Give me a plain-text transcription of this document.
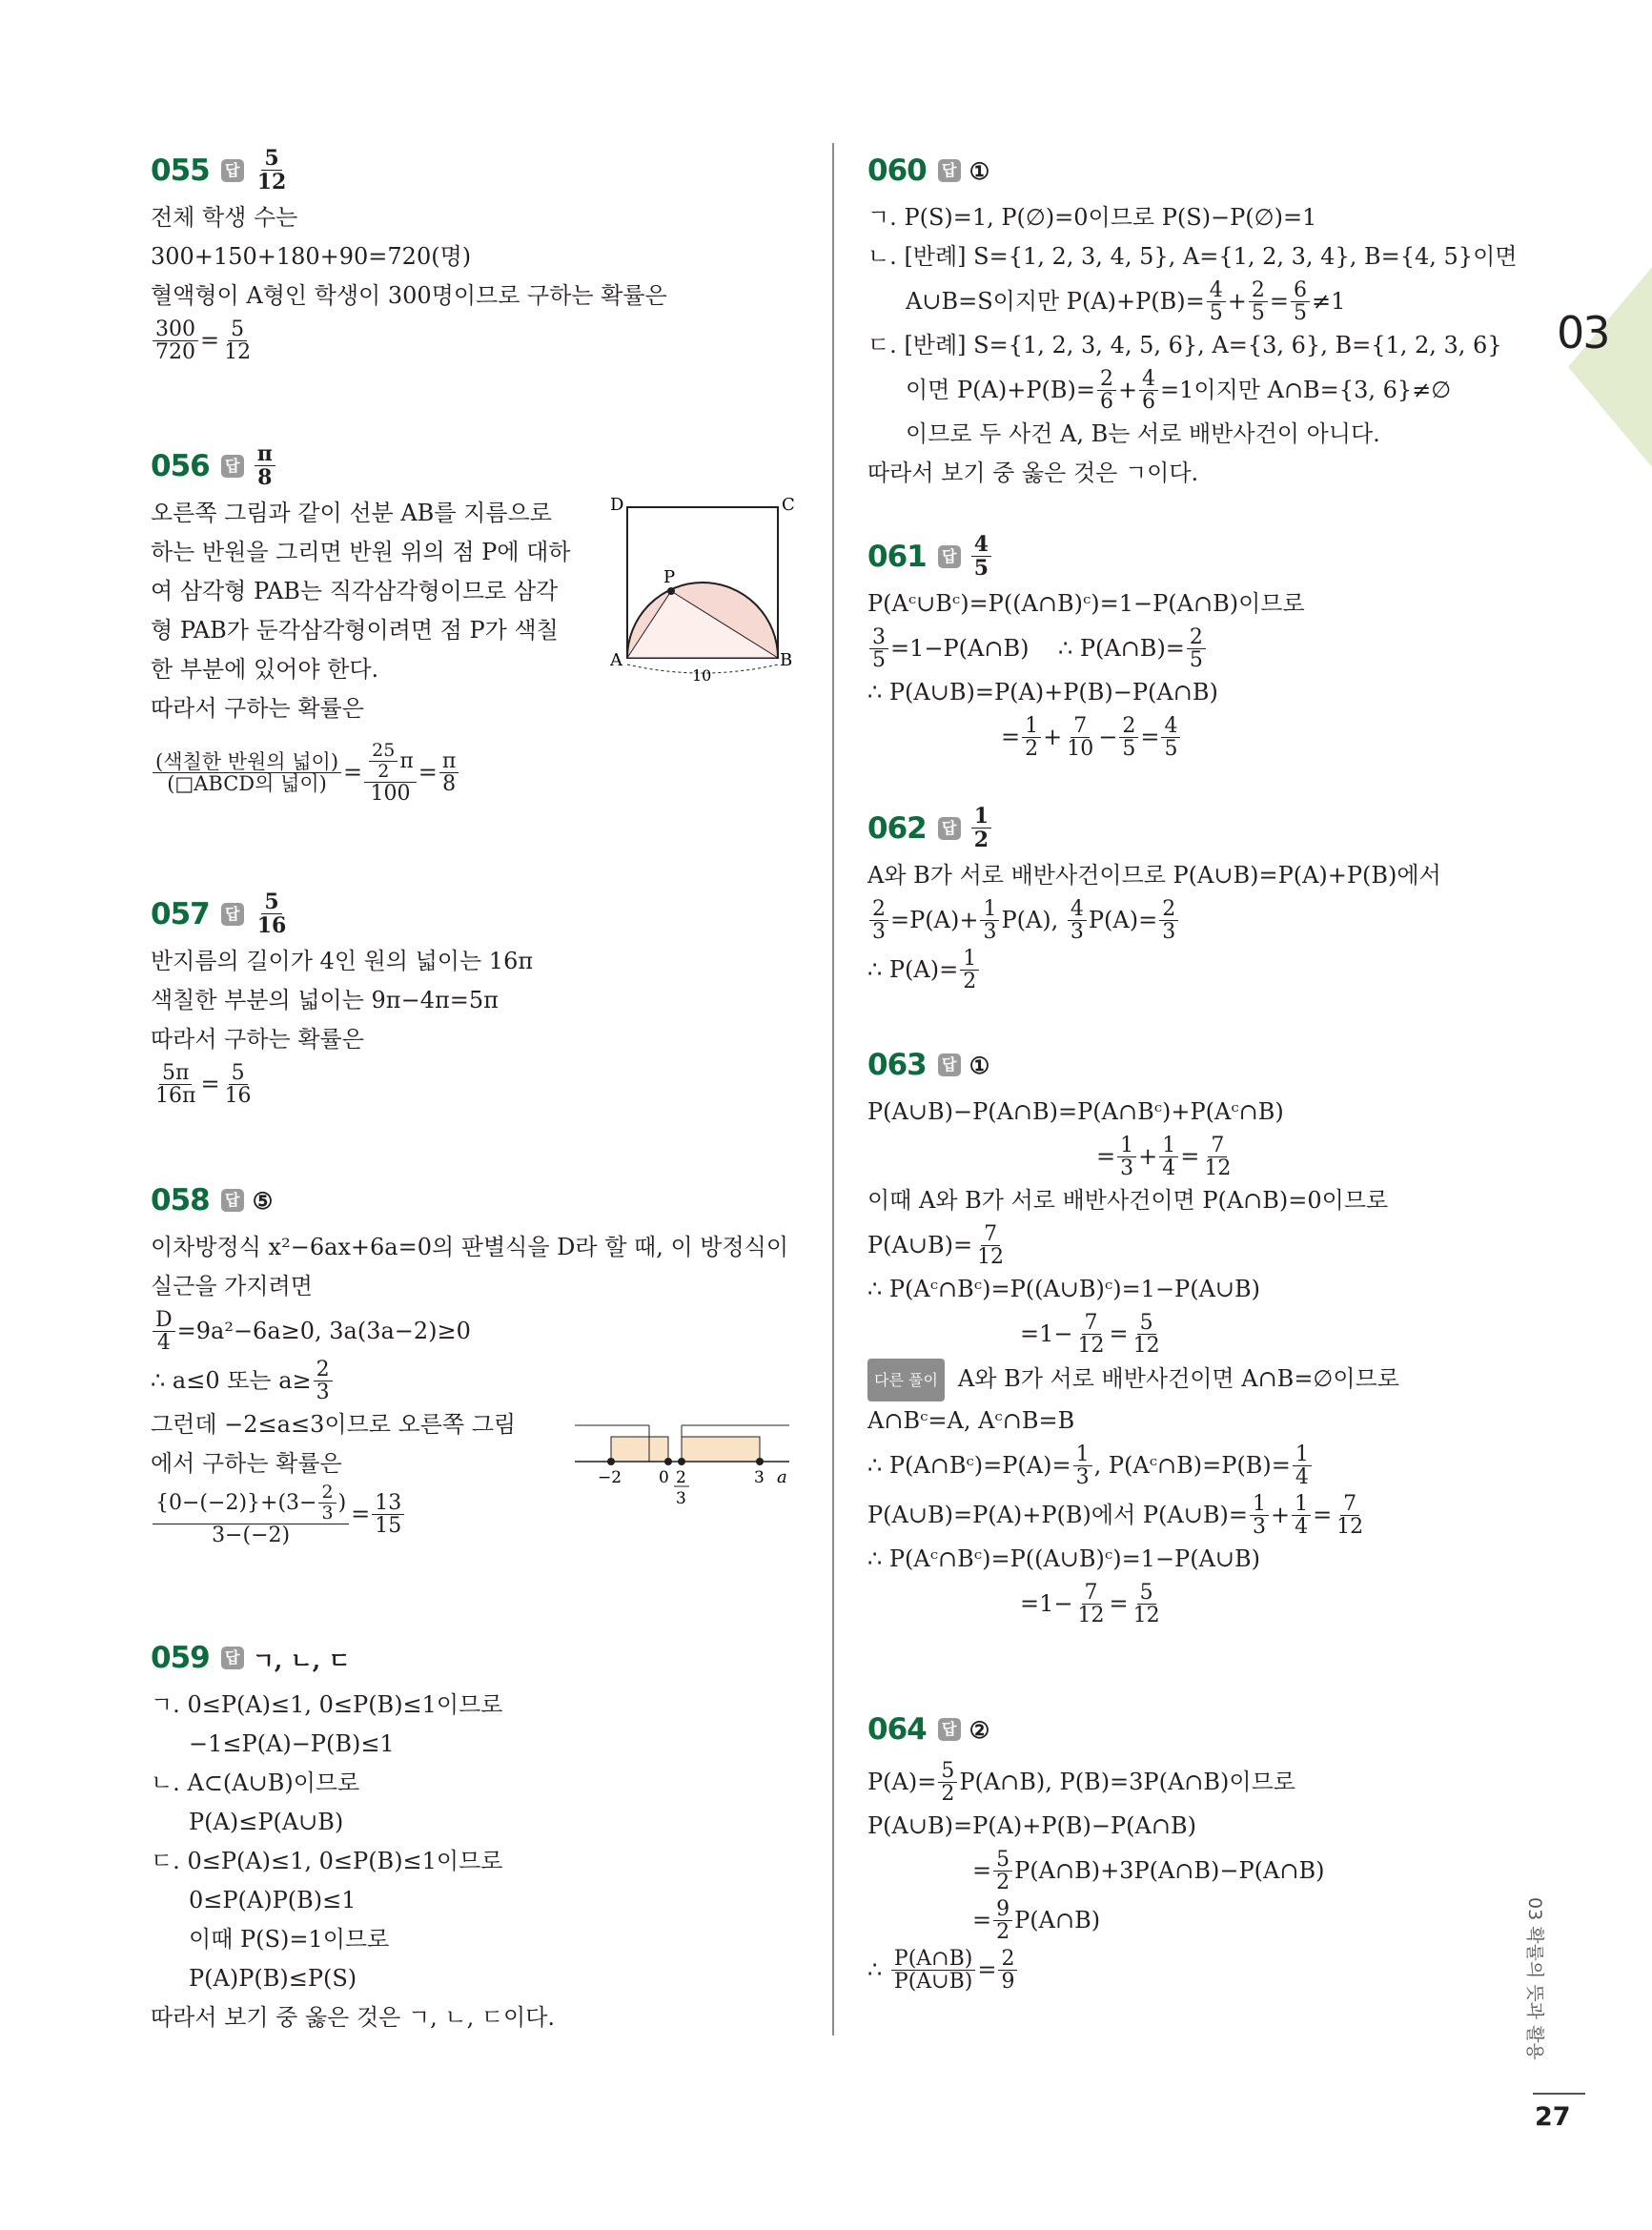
03
03 확률의 뜻과 활용
27
055 답 5
12
전체 학생 수는
300+150+180+90=720(명)
혈액형이 A형인 학생이 300명이므로 구하는 확률은
$\frac{300}{720} = \frac{5}{12}$
056 답 π
8
오른쪽 그림과 같이 선분 AB를 지름으로
하는 반원을 그리면 반원 위의 점 P에 대하
여 삼각형 PAB는 직각삼각형이므로 삼각
형 PAB가 둔각삼각형이려면 점 P가 색칠
한 부분에 있어야 한다.
따라서 구하는 확률은
(색칠한 반원의 넓이)
(□ABCD의 넓이) = $\frac{\frac{25}{2} \pi}{100} = \frac{\pi}{8}$
D	C
P
A	B
10
057 답 5
16
반지름의 길이가 4인 원의 넓이는 16π
색칠한 부분의 넓이는 9π−4π=5π
따라서 구하는 확률은
$\frac{5\pi}{16\pi} = \frac{5}{16}$
058 답 ⑤
이차방정식 x²−6ax+6a=0의 판별식을 D라 할 때, 이 방정식이
실근을 가지려면
$\frac{D}{4} =9a^2-6a\ge 0$, 3a(3a−2)≥0
∴ a≤0 또는 $a\ge \frac{2}{3}$
그런데 −2≤a≤3이므로 오른쪽 그림
에서 구하는 확률은
$\frac{\{0-(-2)\}+(3- \frac{2}{3} )}{3-(-2)} = \frac{13}{15}$
−2 0 2
3
3 a
059 답 ㄱ, ㄴ, ㄷ
ㄱ. 0≤P(A)≤1, 0≤P(B)≤1이므로
−1≤P(A)−P(B)≤1
ㄴ. A⊂(A∪B)이므로
P(A)≤P(A∪B)
ㄷ. 0≤P(A)≤1, 0≤P(B)≤1이므로
0≤P(A)P(B)≤1
이때 P(S)=1이므로
P(A)P(B)≤P(S)
따라서 보기 중 옳은 것은 ㄱ, ㄴ, ㄷ이다.
060 답 ①
ㄱ. P(S)=1, P(∅)=0이므로 P(S)−P(∅)=1
ㄴ. [반례] S={1, 2, 3, 4, 5}, A={1, 2, 3, 4}, B={4, 5}이면
A∪B=S이지만 $P(A)+P(B)= \frac{4}{5} + \frac{2}{5} = \frac{6}{5} \ne 1$
ㄷ. [반례] S={1, 2, 3, 4, 5, 6}, A={3, 6}, B={1, 2, 3, 6}
이면 $P(A)+P(B)= \frac{2}{6} + \frac{4}{6} =1$이지만 A∩B={3, 6}≠∅
이므로 두 사건 A, B는 서로 배반사건이 아니다.
따라서 보기 중 옳은 것은 ㄱ이다.
061 답 4
5
P(Aᶜ∪Bᶜ)=P((A∩B)ᶜ)=1−P(A∩B)이므로
$\frac{3}{5}$ =1−P(A∩B)    ∴ P(A∩B)= $\frac{2}{5}$
∴ P(A∪B)=P(A)+P(B)−P(A∩B)
= $\frac{1}{2} + \frac{7}{10} - \frac{2}{5} = \frac{4}{5}$
062 답 1
2
A와 B가 서로 배반사건이므로 P(A∪B)=P(A)+P(B)에서
$\frac{2}{3} =P(A)+ \frac{1}{3} P(A)$, $\frac{4}{3} P(A)= \frac{2}{3}$
∴ $P(A)= \frac{1}{2}$
063 답 ①
P(A∪B)−P(A∩B)=P(A∩Bᶜ)+P(Aᶜ∩B)
= $\frac{1}{3} + \frac{1}{4} = \frac{7}{12}$
이때 A와 B가 서로 배반사건이면 P(A∩B)=0이므로
P(A∪B)= $\frac{7}{12}$
∴ P(Aᶜ∩Bᶜ)=P((A∪B)ᶜ)=1−P(A∪B)
$=1- \frac{7}{12} = \frac{5}{12}$
다른 풀이 A와 B가 서로 배반사건이면 A∩B=∅이므로
A∩Bᶜ=A, Aᶜ∩B=B
∴ P(A∩Bᶜ)=P(A)= $\frac{1}{3}$ , P(Aᶜ∩B)=P(B)= $\frac{1}{4}$
P(A∪B)=P(A)+P(B)에서 P(A∪B)= $\frac{1}{3} + \frac{1}{4} = \frac{7}{12}$
∴ P(Aᶜ∩Bᶜ)=P((A∪B)ᶜ)=1−P(A∪B)
$=1- \frac{7}{12} = \frac{5}{12}$
064 답 ②
$P(A)= \frac{5}{2}$ P(A∩B), P(B)=3P(A∩B)이므로
P(A∪B)=P(A)+P(B)−P(A∩B)
= $\frac{5}{2}$ P(A∩B)+3P(A∩B)−P(A∩B)
= $\frac{9}{2}$ P(A∩B)
∴ $\frac{P(A\cap B)}{P(A\cup B)} = \frac{2}{9}$
